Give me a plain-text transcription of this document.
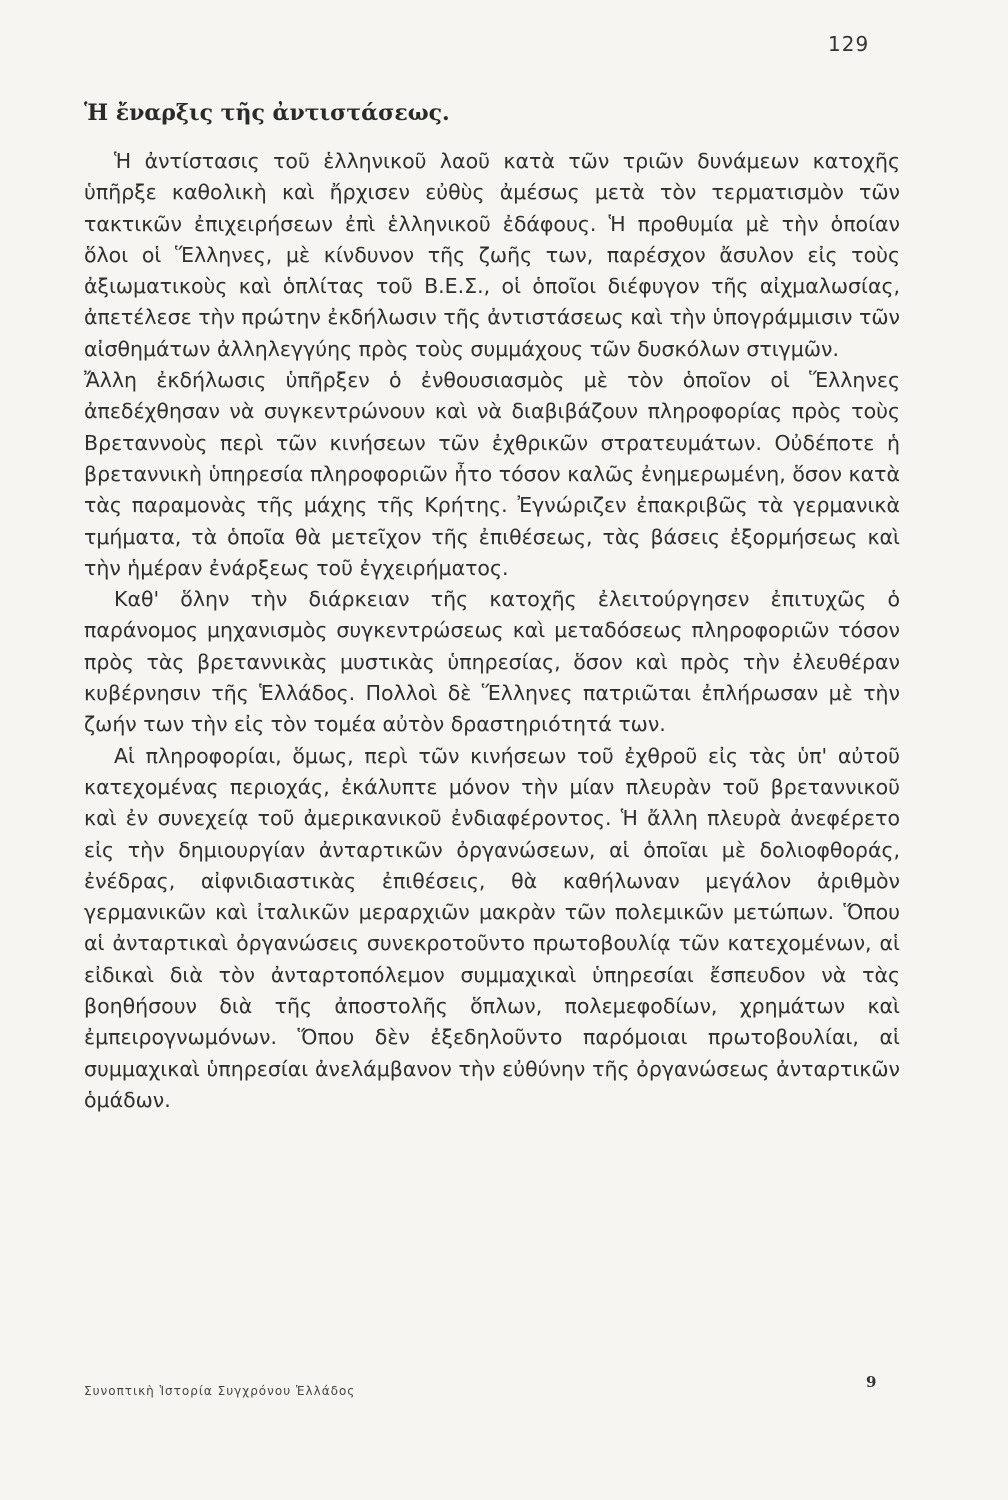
129
Ἡ ἔναρξις τῆς ἀντιστάσεως.

Ἡ ἀντίστασις τοῦ ἑλληνικοῦ λαοῦ κατὰ τῶν τριῶν δυνάμεων κατοχῆς ὑπῆρξε καθολικὴ καὶ ἤρχισεν εὐθὺς ἀμέσως μετὰ τὸν τερματισμὸν τῶν τακτικῶν ἐπιχειρήσεων ἐπὶ ἑλληνικοῦ ἐδάφους. Ἡ προθυμία μὲ τὴν ὁποίαν ὅλοι οἱ Ἕλληνες, μὲ κίνδυνον τῆς ζωῆς των, παρέσχον ἄσυλον εἰς τοὺς ἀξιωματικοὺς καὶ ὁπλίτας τοῦ Β.Ε.Σ., οἱ ὁποῖοι διέφυγον τῆς αἰχμαλωσίας, ἀπετέλεσε τὴν πρώτην ἐκδήλωσιν τῆς ἀντιστάσεως καὶ τὴν ὑπογράμμισιν τῶν αἰσθημάτων ἀλληλεγγύης πρὸς τοὺς συμμάχους τῶν δυσκόλων στιγμῶν.

Ἄλλη ἐκδήλωσις ὑπῆρξεν ὁ ἐνθουσιασμὸς μὲ τὸν ὁποῖον οἱ Ἕλληνες ἀπεδέχθησαν νὰ συγκεντρώνουν καὶ νὰ διαβιβάζουν πληροφορίας πρὸς τοὺς Βρεταννοὺς περὶ τῶν κινήσεων τῶν ἐχθρικῶν στρατευμάτων. Οὐδέποτε ἡ βρεταννικὴ ὑπηρεσία πληροφοριῶν ἦτο τόσον καλῶς ἐνημερωμένη, ὅσον κατὰ τὰς παραμονὰς τῆς μάχης τῆς Κρήτης. Ἐγνώριζεν ἐπακριβῶς τὰ γερμανικὰ τμήματα, τὰ ὁποῖα θὰ μετεῖχον τῆς ἐπιθέσεως, τὰς βάσεις ἐξορμήσεως καὶ τὴν ἡμέραν ἐνάρξεως τοῦ ἐγχειρήματος.

Καθ' ὅλην τὴν διάρκειαν τῆς κατοχῆς ἐλειτούργησεν ἐπιτυχῶς ὁ παράνομος μηχανισμὸς συγκεντρώσεως καὶ μεταδόσεως πληροφοριῶν τόσον πρὸς τὰς βρεταννικὰς μυστικὰς ὑπηρεσίας, ὅσον καὶ πρὸς τὴν ἐλευθέραν κυβέρνησιν τῆς Ἑλλάδος. Πολλοὶ δὲ Ἕλληνες πατριῶται ἐπλήρωσαν μὲ τὴν ζωήν των τὴν εἰς τὸν τομέα αὐτὸν δραστηριότητά των.

Αἱ πληροφορίαι, ὅμως, περὶ τῶν κινήσεων τοῦ ἐχθροῦ εἰς τὰς ὑπ' αὐτοῦ κατεχομένας περιοχάς, ἐκάλυπτε μόνον τὴν μίαν πλευρὰν τοῦ βρεταννικοῦ καὶ ἐν συνεχείᾳ τοῦ ἀμερικανικοῦ ἐνδιαφέροντος. Ἡ ἄλλη πλευρὰ ἀνεφέρετο εἰς τὴν δημιουργίαν ἀνταρτικῶν ὀργανώσεων, αἱ ὁποῖαι μὲ δολιοφθοράς, ἐνέδρας, αἰφνιδιαστικὰς ἐπιθέσεις, θὰ καθήλωναν μεγάλον ἀριθμὸν γερμανικῶν καὶ ἰταλικῶν μεραρχιῶν μακρὰν τῶν πολεμικῶν μετώπων. Ὅπου αἱ ἀνταρτικαὶ ὀργανώσεις συνεκροτοῦντο πρωτοβουλίᾳ τῶν κατεχομένων, αἱ εἰδικαὶ διὰ τὸν ἀνταρτοπόλεμον συμμαχικαὶ ὑπηρεσίαι ἔσπευδον νὰ τὰς βοηθήσουν διὰ τῆς ἀποστολῆς ὅπλων, πολεμεφοδίων, χρημάτων καὶ ἐμπειρογνωμόνων. Ὅπου δὲν ἐξεδηλοῦντο παρόμοιαι πρωτοβουλίαι, αἱ συμμαχικαὶ ὑπηρεσίαι ἀνελάμβανον τὴν εὐθύνην τῆς ὀργανώσεως ἀνταρτικῶν ὁμάδων.

Συνοπτικὴ Ἱστορία Συγχρόνου Ἑλλάδος	9
